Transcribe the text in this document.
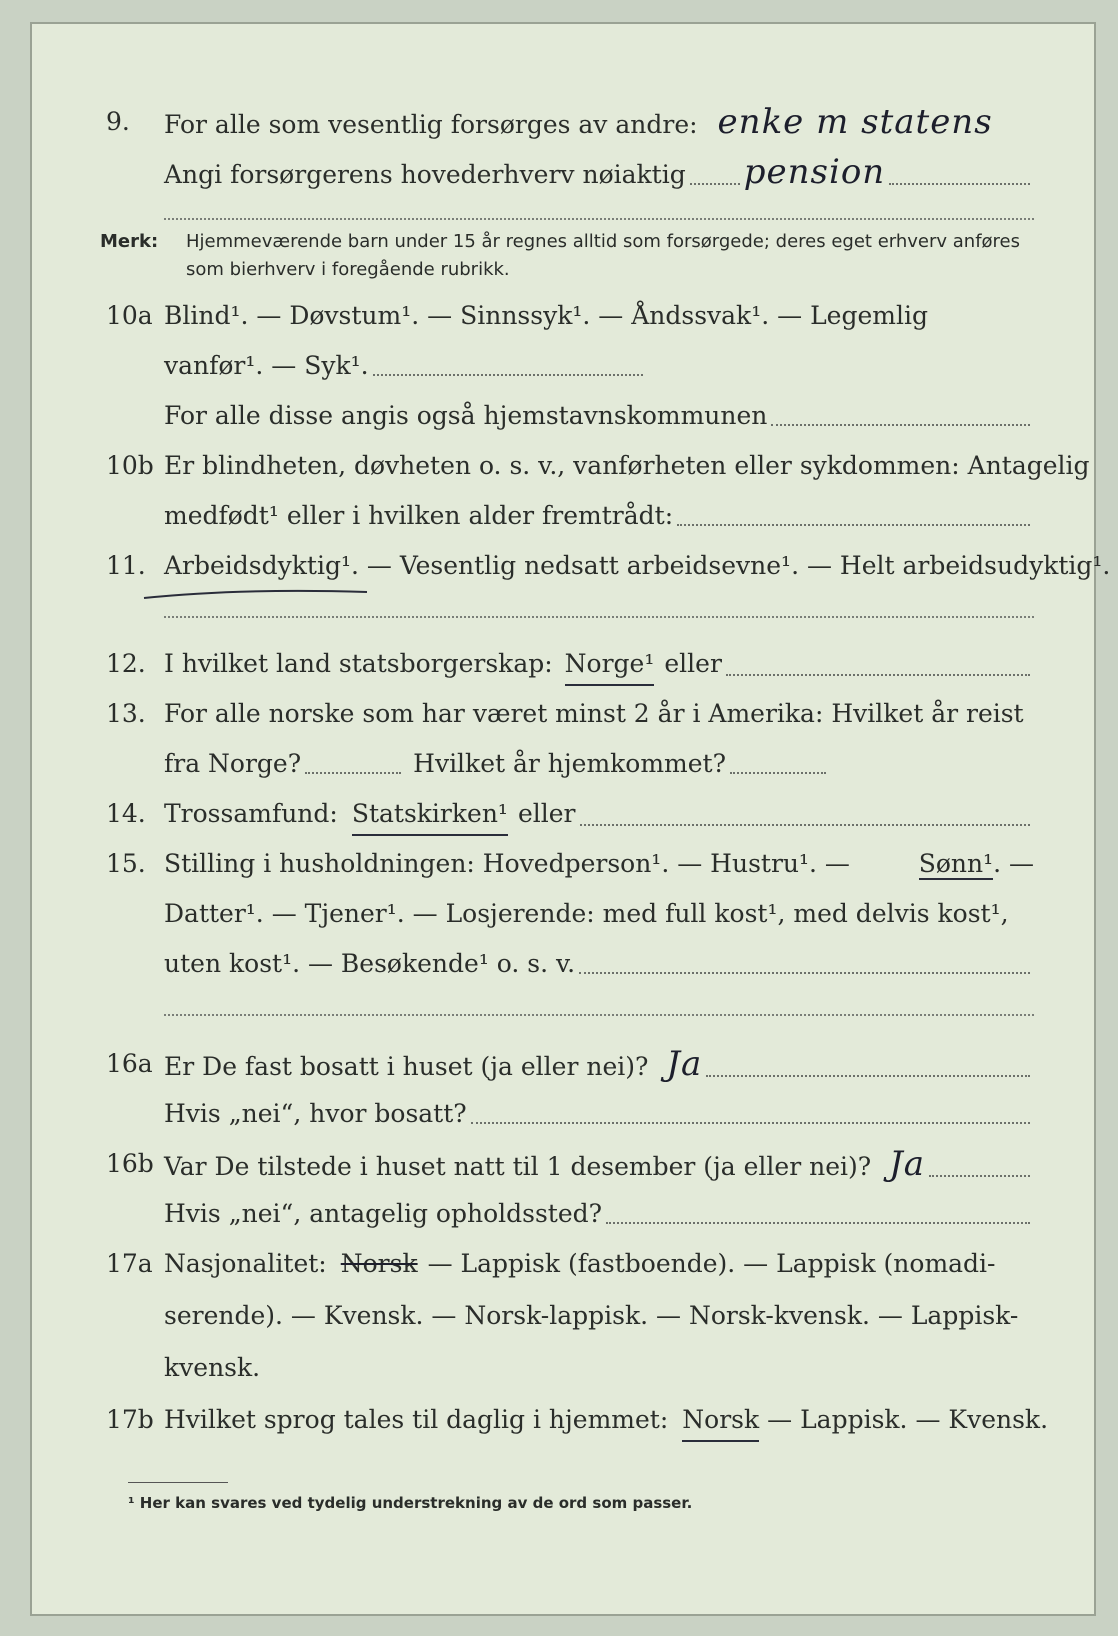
9. For alle som vesentlig forsørges av andre: enke m statens
Angi forsørgerens hovederhverv nøiaktig pension
Merk: Hjemmeværende barn under 15 år regnes alltid som forsørgede; deres eget erhverv anføres som bierhverv i foregående rubrikk.
10a Blind¹. — Døvstum¹. — Sinnssyk¹. — Åndssvak¹. — Legemlig
vanfør¹. — Syk¹.
For alle disse angis også hjemstavnskommunen
10b Er blindheten, døvheten o. s. v., vanførheten eller sykdommen: Antagelig
medfødt¹ eller i hvilken alder fremtrådt:
11. Arbeidsdyktig¹. — Vesentlig nedsatt arbeidsevne¹. — Helt arbeidsudyktig¹.
12. I hvilket land statsborgerskap: Norge¹ eller
13. For alle norske som har været minst 2 år i Amerika: Hvilket år reist
fra Norge?	Hvilket år hjemkommet?
14. Trossamfund: Statskirken¹ eller
15. Stilling i husholdningen: Hovedperson¹. — Hustru¹. —	Sønn¹. —
Datter¹. — Tjener¹. — Losjerende: med full kost¹, med delvis kost¹,
uten kost¹. — Besøkende¹ o. s. v.
16a Er De fast bosatt i huset (ja eller nei)? Ja
Hvis „nei“, hvor bosatt?
16b Var De tilstede i huset natt til 1 desember (ja eller nei)? Ja
Hvis „nei“, antagelig opholdssted?
17a Nasjonalitet: Norsk — Lappisk (fastboende). — Lappisk (nomadi-
serende). — Kvensk. — Norsk-lappisk. — Norsk-kvensk. — Lappisk-
kvensk.
17b Hvilket sprog tales til daglig i hjemmet: Norsk — Lappisk. — Kvensk.
¹ Her kan svares ved tydelig understrekning av de ord som passer.
